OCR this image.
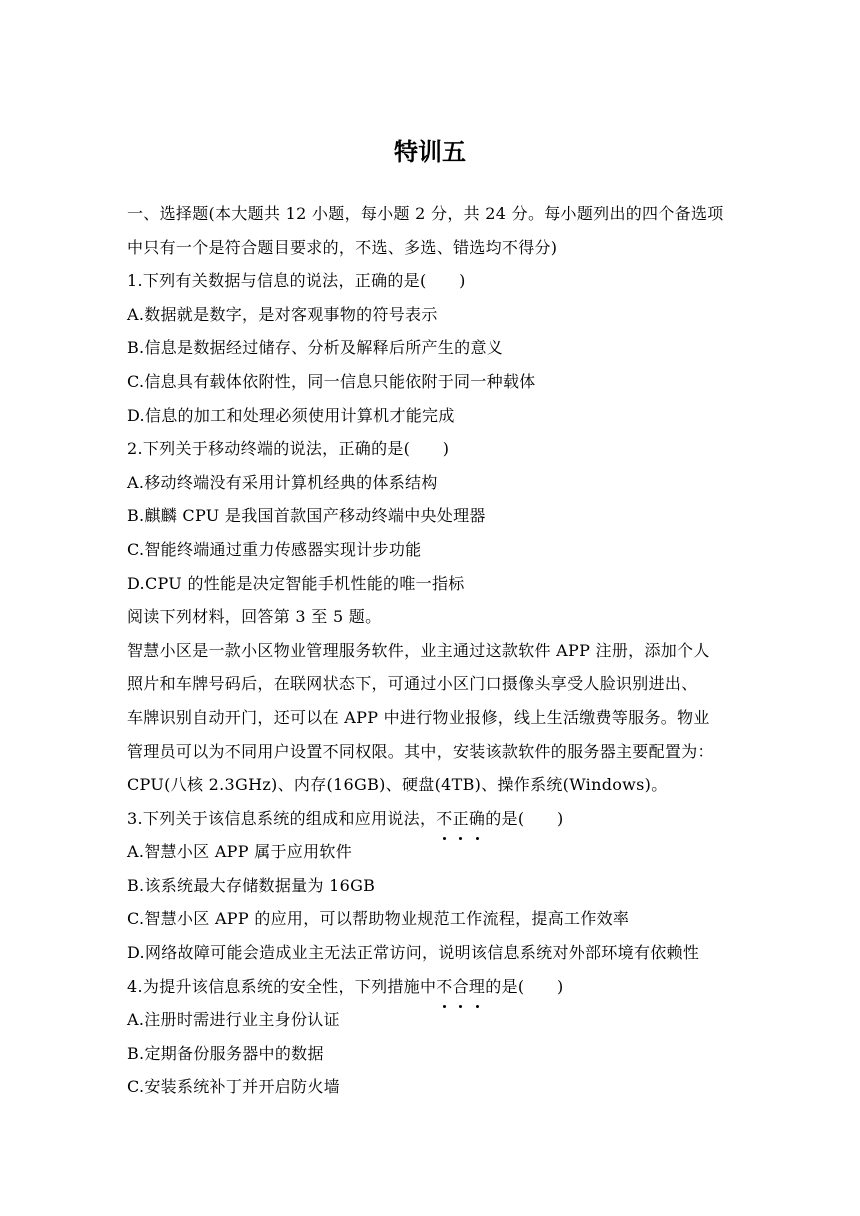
特训五
一、选择题(本大题共 12 小题，每小题 2 分，共 24 分。每小题列出的四个备选项
中只有一个是符合题目要求的，不选、多选、错选均不得分)
1.下列有关数据与信息的说法，正确的是(　　)
A.数据就是数字，是对客观事物的符号表示
B.信息是数据经过储存、分析及解释后所产生的意义
C.信息具有载体依附性，同一信息只能依附于同一种载体
D.信息的加工和处理必须使用计算机才能完成
2.下列关于移动终端的说法，正确的是(　　)
A.移动终端没有采用计算机经典的体系结构
B.麒麟 CPU 是我国首款国产移动终端中央处理器
C.智能终端通过重力传感器实现计步功能
D.CPU 的性能是决定智能手机性能的唯一指标
阅读下列材料，回答第 3 至 5 题。
智慧小区是一款小区物业管理服务软件，业主通过这款软件 APP 注册，添加个人
照片和车牌号码后，在联网状态下，可通过小区门口摄像头享受人脸识别进出、
车牌识别自动开门，还可以在 APP 中进行物业报修，线上生活缴费等服务。物业
管理员可以为不同用户设置不同权限。其中，安装该款软件的服务器主要配置为：
CPU(八核 2.3GHz)、内存(16GB)、硬盘(4TB)、操作系统(Windows)。
3.下列关于该信息系统的组成和应用说法，不正确的是(　　)
A.智慧小区 APP 属于应用软件
B.该系统最大存储数据量为 16GB
C.智慧小区 APP 的应用，可以帮助物业规范工作流程，提高工作效率
D.网络故障可能会造成业主无法正常访问，说明该信息系统对外部环境有依赖性
4.为提升该信息系统的安全性，下列措施中不合理的是(　　)
A.注册时需进行业主身份认证
B.定期备份服务器中的数据
C.安装系统补丁并开启防火墙
